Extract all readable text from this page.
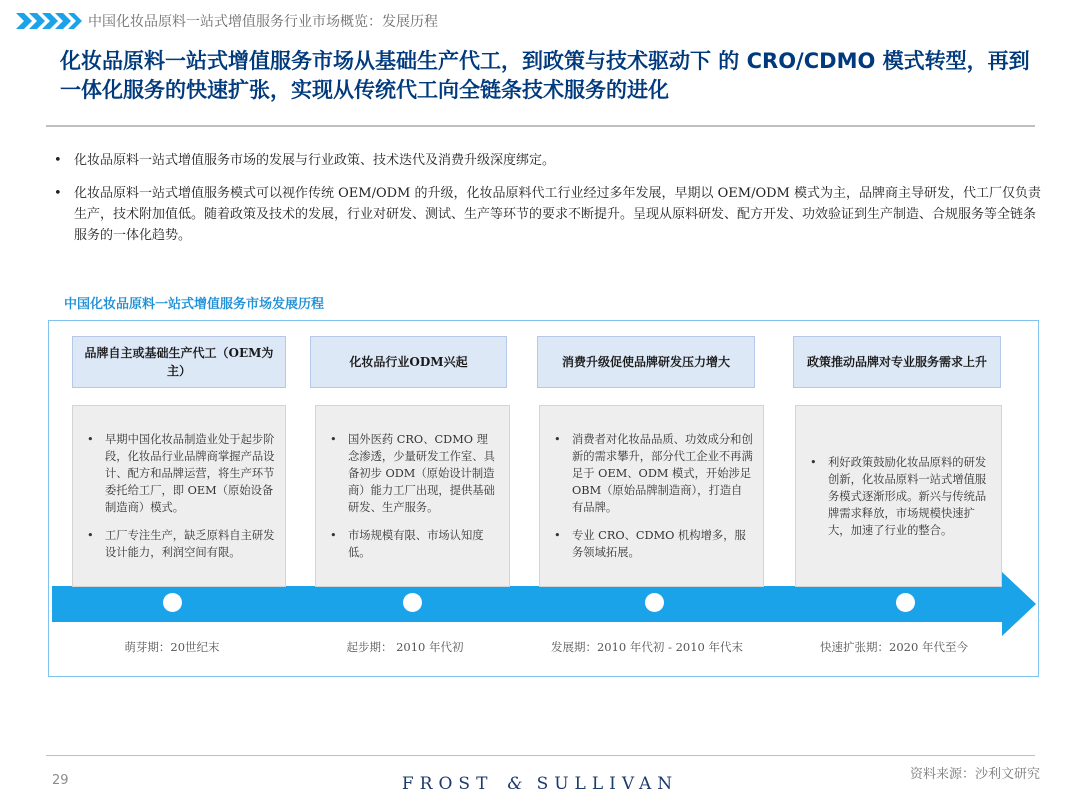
中国化妆品原料一站式增值服务行业市场概览：发展历程
化妆品原料一站式增值服务市场从基础生产代工，到政策与技术驱动下 的 CRO/CDMO 模式转型，再到一体化服务的快速扩张，实现从传统代工向全链条技术服务的进化
• 化妆品原料一站式增值服务市场的发展与行业政策、技术迭代及消费升级深度绑定。
• 化妆品原料一站式增值服务模式可以视作传统 OEM/ODM 的升级，化妆品原料代工行业经过多年发展，早期以 OEM/ODM 模式为主，品牌商主导研发，代工厂仅负责生产，技术附加值低。随着政策及技术的发展，行业对研发、测试、生产等环节的要求不断提升。呈现从原料研发、配方开发、功效验证到生产制造、合规服务等全链条服务的一体化趋势。
中国化妆品原料一站式增值服务市场发展历程
品牌自主或基础生产代工（OEM为主）
化妆品行业ODM兴起	消费升级促使品牌研发压力增大	政策推动品牌对专业服务需求上升
• 早期中国化妆品制造业处于起步阶段，化妆品行业品牌商掌握产品设计、配方和品牌运营，将生产环节委托给工厂，即 OEM（原始设备制造商）模式。
• 工厂专注生产，缺乏原料自主研发设计能力，利润空间有限。
• 国外医药 CRO、CDMO 理念渗透，少量研发工作室、具备初步 ODM（原始设计制造商）能力工厂出现，提供基础研发、生产服务。
• 市场规模有限、市场认知度低。
• 消费者对化妆品品质、功效成分和创新的需求攀升，部分代工企业不再满足于 OEM、ODM 模式，开始涉足 OBM（原始品牌制造商），打造自有品牌。
• 专业 CRO、CDMO 机构增多，服务领域拓展。
• 利好政策鼓励化妆品原料的研发创新，化妆品原料一站式增值服务模式逐渐形成。新兴与传统品牌需求释放，市场规模快速扩大，加速了行业的整合。
萌芽期：20世纪末	起步期： 2010 年代初	发展期：2010 年代初 - 2010 年代末	快速扩张期：2020 年代至今
资料来源：沙利文研究
29	FROST & SULLIVAN
